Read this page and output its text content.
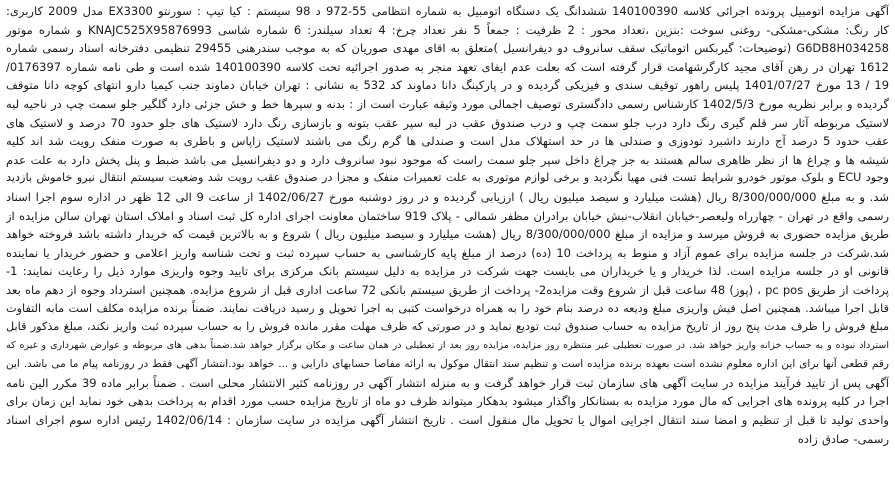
آگهی مزایده اتومبیل پرونده اجرائی کلاسه 140100390 ششدانگ یک دستگاه اتومبیل به شماره انتظامی 55-972 د 98 سیستم : کیا تیپ : سورنتو EX3300 مدل 2009 کاربری:
کار رنگ: مشکی-مشکی- روغنی سوخت :بنزین ،تعداد محور : 2 ظرفیت : جمعاً 5 نفر تعداد چرخ: 4 تعداد سیلندر: 6 شماره شاسی KNAJC525X95876993 و شماره موتور
G6DB8H034258 (توضیحات: گیربکس اتوماتیک سقف سانروف دو دیفرانسیل )متعلق به اقای مهدی صوریان که به موجب سندرهنی 29455 تنظیمی دفترخانه اسناد رسمی شماره
1612 تهران در رهن آقای مجید کارگرشهامت قرار گرفته است که بعلت عدم ایفای تعهد منجر به صدور اجرائیه تحت کلاسه 140100390 شده است و طی نامه شماره 0176397/
19 / 13 مورخ 1401/07/27 پلیس راهور توقیف سندی و فیزیکی گردیده و در پارکینگ دانا دماوند کد 532 به نشانی : تهران خیابان دماوند جنب کیمیا دارو انتهای کوچه دانا متوقف
گردیده و برابر نظریه مورخ 1402/5/3 کارشناس رسمی دادگستری توصیف اجمالی مورد وثیقه عبارت است از : بدنه و سپرها خط و خش جزئی دارد گلگیر جلو سمت چپ در ناحیه لبه
لاستیک مربوطه آثار سر قلم گیری رنگ دارد درب جلو سمت چپ و درب صندوق عقب در لبه سپر عقب بتونه و بازسازی رنگ دارد لاستیک های جلو حدود 70 درصد و لاستیک های
عقب حدود 5 درصد آج دارند داشبرد تودوزی و صندلی ها در حد استهلاک مدل است و صندلی ها گرم رنگ می باشند لاستیک زاپاس و باطری به صورت منفک رویت شد اند کلیه
شیشه ها و چراغ ها از نظر ظاهری سالم هستند به جز چراغ داخل سپر جلو سمت راست که موجود نبود سانروف دارد و دو دیفرانسیل می باشد ضبط و پنل پخش دارد به علت عدم
وجود ECU و بلوک موتور خودرو شرایط تست فنی مهیا نگردید و برخی لوازم موتوری به علت تعمیرات منفک و مجزا در صندوق عقب رویت شد وضعیت سیستم انتقال نیرو خاموش بازدید
شد. و به مبلغ 8/300/000/000 ریال (هشت میلیارد و سیصد میلیون ریال ) ارزیابی گردیده و در روز دوشنبه مورخ 1402/06/27 از ساعت 9 الی 12 ظهر در اداره سوم اجرا اسناد
رسمی واقع در تهران - چهارراه ولیعصر-خیابان انقلاب-نبش خیابان برادران مظفر شمالی - پلاک 919 ساختمان معاونت اجرای اداره کل ثبت اسناد و املاک استان تهران سالن مزایده از
طریق مزایده حضوری به فروش میرسد و مزایده از مبلغ 8/300/000/000 ریال (هشت میلیارد و سیصد میلیون ریال ) شروع و به بالاترین قیمت که خریدار داشته باشد فروخته خواهد
شد.شرکت در جلسه مزایده برای عموم آزاد و منوط به پرداخت 10 (ده) درصد از مبلغ پایه کارشناسی به حساب سپرده ثبت و تحت شناسه واریز اعلامی و حضور خریدار یا نماینده
قانونی او در جلسه مزایده است. لذا خریدار و یا خریداران می بایست جهت شرکت در مزایده به دلیل سیستم بانک مرکزی برای تایید وجوه واریزی موارد ذیل را رعایت نمایند: 1-
پرداخت از طریق pc pos ، (پوز) 48 ساعت قبل از شروع وقت مزایده2- پرداخت از طریق سیستم بانکی 72 ساعت اداری قبل از شروع مزایده. همچنین استرداد وجوه از دهم ماه بعد
قابل اجرا میباشد. همچنین اصل فیش واریزی مبلغ ودیعه ده درصد بنام خود را به همراه درخواست کتبی به اجرا تحویل و رسید دریافت نمایند. ضمناً برنده مزایده مکلف است مابه التفاوت
مبلغ فروش را ظرف مدت پنج روز از تاریخ مزایده به حساب صندوق ثبت تودیع نماید و در صورتی که ظرف مهلت مقرر مانده فروش را به حساب سپرده ثبت واریز نکند، مبلغ مذکور قابل
استرداد نبوده و به حساب خزانه واریز خواهد شد. در صورت تعطیلی غیر منتظره روز مزایده، مزایده روز بعد از تعطیلی در همان ساعت و مکان برگزار خواهد شد.ضمناً بدهی های مربوطه و عوارض شهرداری و غیره که
رقم قطعی آنها برای این اداره معلوم نشده است بعهده برنده مزایده است و تنظیم سند انتقال موکول به ارائه مفاصا حسابهای دارایی و ... خواهد بود.انتشار آگهی فقط در روزنامه پیام ما می باشد. این
آگهی پس از تایید فرآیند مزایده در سایت آگهی های سازمان ثبت قرار خواهد گرفت و به منزله انتشار آگهی در روزنامه کثیر الانتشار محلی است . ضمناً برابر ماده 39 مکرر الین نامه
اجرا در کلیه پرونده های اجرایی که مال مورد مزایده به بستانکار واگذار میشود بدهکار میتواند ظرف دو ماه از تاریخ مزایده حسب مورد اقدام به پرداخت بدهی خود نماید این زمان برای
واحدی تولید تا قبل از تنظیم و امضا سند انتقال اجرایی اموال یا تحویل مال منقول است . تاریخ انتشار آگهی مزایده در سایت سازمان : 1402/06/14 رئیس اداره سوم اجرای اسناد
رسمی- صادق زاده
